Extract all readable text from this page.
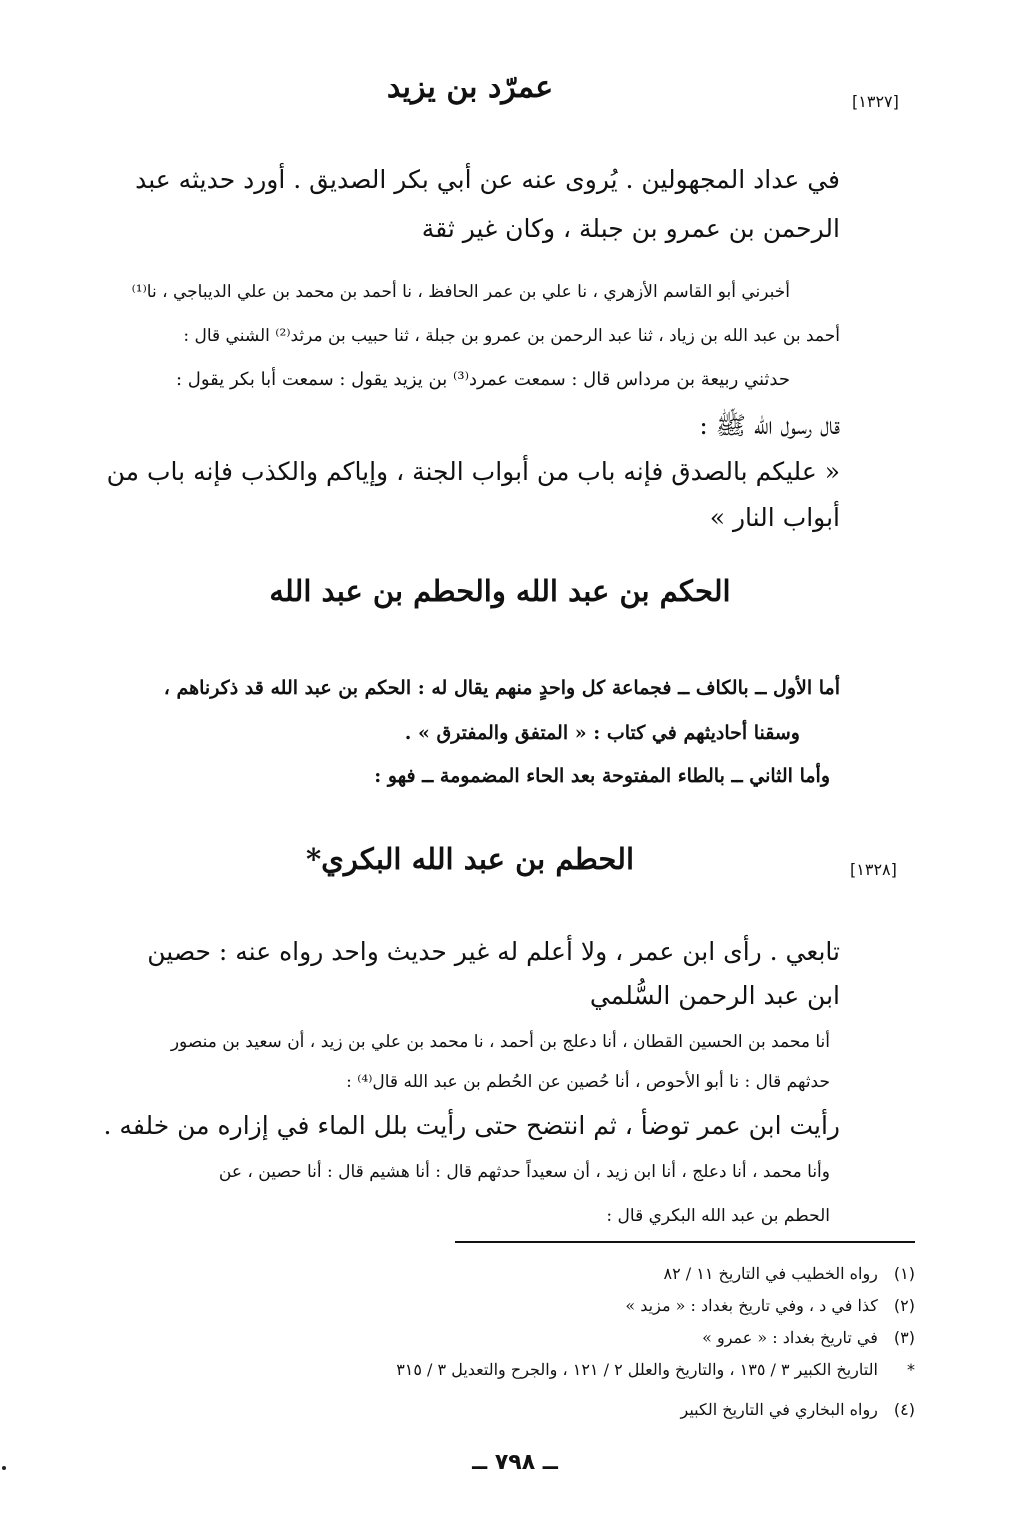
عمرّد بن يزيد	[١٣٢٧]
في عداد المجهولين . يُروى عنه عن أبي بكر الصديق . أورد حديثه عبد
الرحمن بن عمرو بن جبلة ، وكان غير ثقة
أخبرني أبو القاسم الأزهري ، نا علي بن عمر الحافظ ، نا أحمد بن محمد بن علي الديباجي ، نا⁽¹⁾
أحمد بن عبد الله بن زياد ، ثنا عبد الرحمن بن عمرو بن جبلة ، ثنا حبيب بن مرثد⁽²⁾ الشني قال :
حدثني ربيعة بن مرداس قال : سمعت عمرد⁽³⁾ بن يزيد يقول : سمعت أبا بكر يقول :
قال رسول الله ﷺ :
« عليكم بالصدق فإنه باب من أبواب الجنة ، وإياكم والكذب فإنه باب من
أبواب النار »
الحكم بن عبد الله والحطم بن عبد الله
أما الأول ــ بالكاف ــ فجماعة كل واحدٍ منهم يقال له : الحكم بن عبد الله قد ذكرناهم ،
وسقنا أحاديثهم في كتاب : « المتفق والمفترق » .
وأما الثاني ــ بالطاء المفتوحة بعد الحاء المضمومة ــ فهو :
الحطم بن عبد الله البكري*	[١٣٢٨]
تابعي . رأى ابن عمر ، ولا أعلم له غير حديث واحد رواه عنه : حصين
ابن عبد الرحمن السُّلمي
أنا محمد بن الحسين القطان ، أنا دعلج بن أحمد ، نا محمد بن علي بن زيد ، أن سعيد بن منصور
حدثهم قال : نا أبو الأحوص ، أنا حُصين عن الحُطم بن عبد الله قال⁽⁴⁾ :
رأيت ابن عمر توضأ ، ثم انتضح حتى رأيت بلل الماء في إزاره من خلفه .
وأنا محمد ، أنا دعلج ، أنا ابن زيد ، أن سعيداً حدثهم قال : أنا هشيم قال : أنا حصين ، عن
الحطم بن عبد الله البكري قال :
(١) رواه الخطيب في التاريخ ١١ / ٨٢
(٢) كذا في د ، وفي تاريخ بغداد : « مزيد »
(٣) في تاريخ بغداد : « عمرو »
* التاريخ الكبير ٣ / ١٣٥ ، والتاريخ والعلل ٢ / ١٢١ ، والجرح والتعديل ٣ / ٣١٥
(٤) رواه البخاري في التاريخ الكبير
ــ ٧٩٨ ــ
